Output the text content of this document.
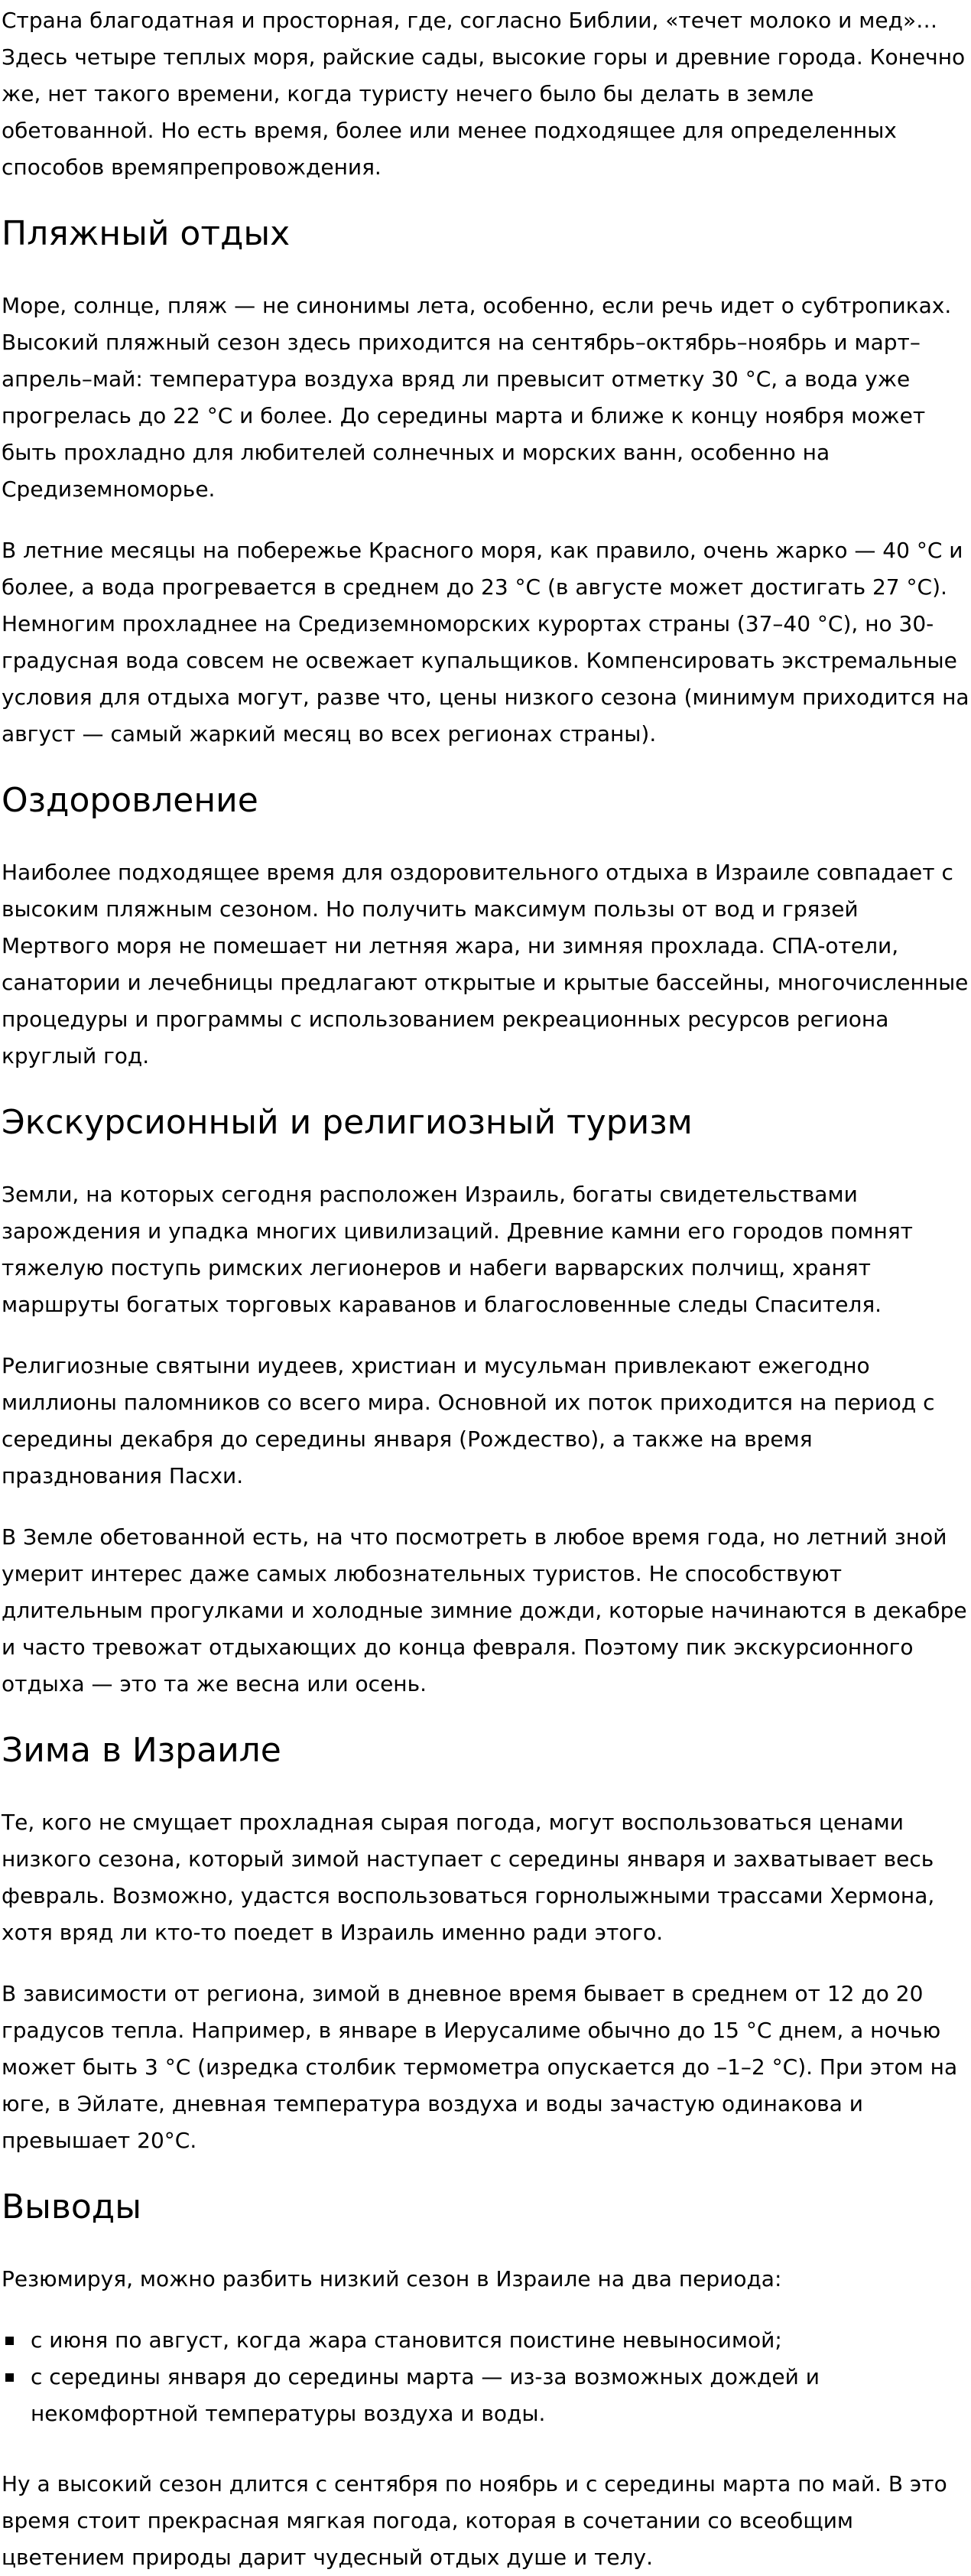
Страна благодатная и просторная, где, согласно Библии, «течет молоко и мед»… Здесь четыре теплых моря, райские сады, высокие горы и древние города. Конечно же, нет такого времени, когда туристу нечего было бы делать в земле обетованной. Но есть время, более или менее подходящее для определенных способов времяпрепровождения.

Пляжный отдых

Море, солнце, пляж — не синонимы лета, особенно, если речь идет о субтропиках. Высокий пляжный сезон здесь приходится на сентябрь–октябрь–ноябрь и март–апрель–май: температура воздуха вряд ли превысит отметку 30 °C, а вода уже прогрелась до 22 °C и более. До середины марта и ближе к концу ноября может быть прохладно для любителей солнечных и морских ванн, особенно на Средиземноморье.

В летние месяцы на побережье Красного моря, как правило, очень жарко — 40 °C и более, а вода прогревается в среднем до 23 °C (в августе может достигать 27 °C). Немногим прохладнее на Средиземноморских курортах страны (37–40 °C), но 30-градусная вода совсем не освежает купальщиков. Компенсировать экстремальные условия для отдыха могут, разве что, цены низкого сезона (минимум приходится на август — самый жаркий месяц во всех регионах страны).

Оздоровление

Наиболее подходящее время для оздоровительного отдыха в Израиле совпадает с высоким пляжным сезоном. Но получить максимум пользы от вод и грязей Мертвого моря не помешает ни летняя жара, ни зимняя прохлада. СПА-отели, санатории и лечебницы предлагают открытые и крытые бассейны, многочисленные процедуры и программы с использованием рекреационных ресурсов региона круглый год.

Экскурсионный и религиозный туризм

Земли, на которых сегодня расположен Израиль, богаты свидетельствами зарождения и упадка многих цивилизаций. Древние камни его городов помнят тяжелую поступь римских легионеров и набеги варварских полчищ, хранят маршруты богатых торговых караванов и благословенные следы Спасителя.

Религиозные святыни иудеев, христиан и мусульман привлекают ежегодно миллионы паломников со всего мира. Основной их поток приходится на период с середины декабря до середины января (Рождество), а также на время празднования Пасхи.

В Земле обетованной есть, на что посмотреть в любое время года, но летний зной умерит интерес даже самых любознательных туристов. Не способствуют длительным прогулками и холодные зимние дожди, которые начинаются в декабре и часто тревожат отдыхающих до конца февраля. Поэтому пик экскурсионного отдыха — это та же весна или осень.

Зима в Израиле

Те, кого не смущает прохладная сырая погода, могут воспользоваться ценами низкого сезона, который зимой наступает с середины января и захватывает весь февраль. Возможно, удастся воспользоваться горнолыжными трассами Хермона, хотя вряд ли кто-то поедет в Израиль именно ради этого.

В зависимости от региона, зимой в дневное время бывает в среднем от 12 до 20 градусов тепла. Например, в январе в Иерусалиме обычно до 15 °C днем, а ночью может быть 3 °C (изредка столбик термометра опускается до –1–2 °C). При этом на юге, в Эйлате, дневная температура воздуха и воды зачастую одинакова и превышает 20°C.

Выводы

Резюмируя, можно разбить низкий сезон в Израиле на два периода:

с июня по август, когда жара становится поистине невыносимой;
с середины января до середины марта — из-за возможных дождей и некомфортной температуры воздуха и воды.

Ну а высокий сезон длится с сентября по ноябрь и с середины марта по май. В это время стоит прекрасная мягкая погода, которая в сочетании со всеобщим цветением природы дарит чудесный отдых душе и телу.
